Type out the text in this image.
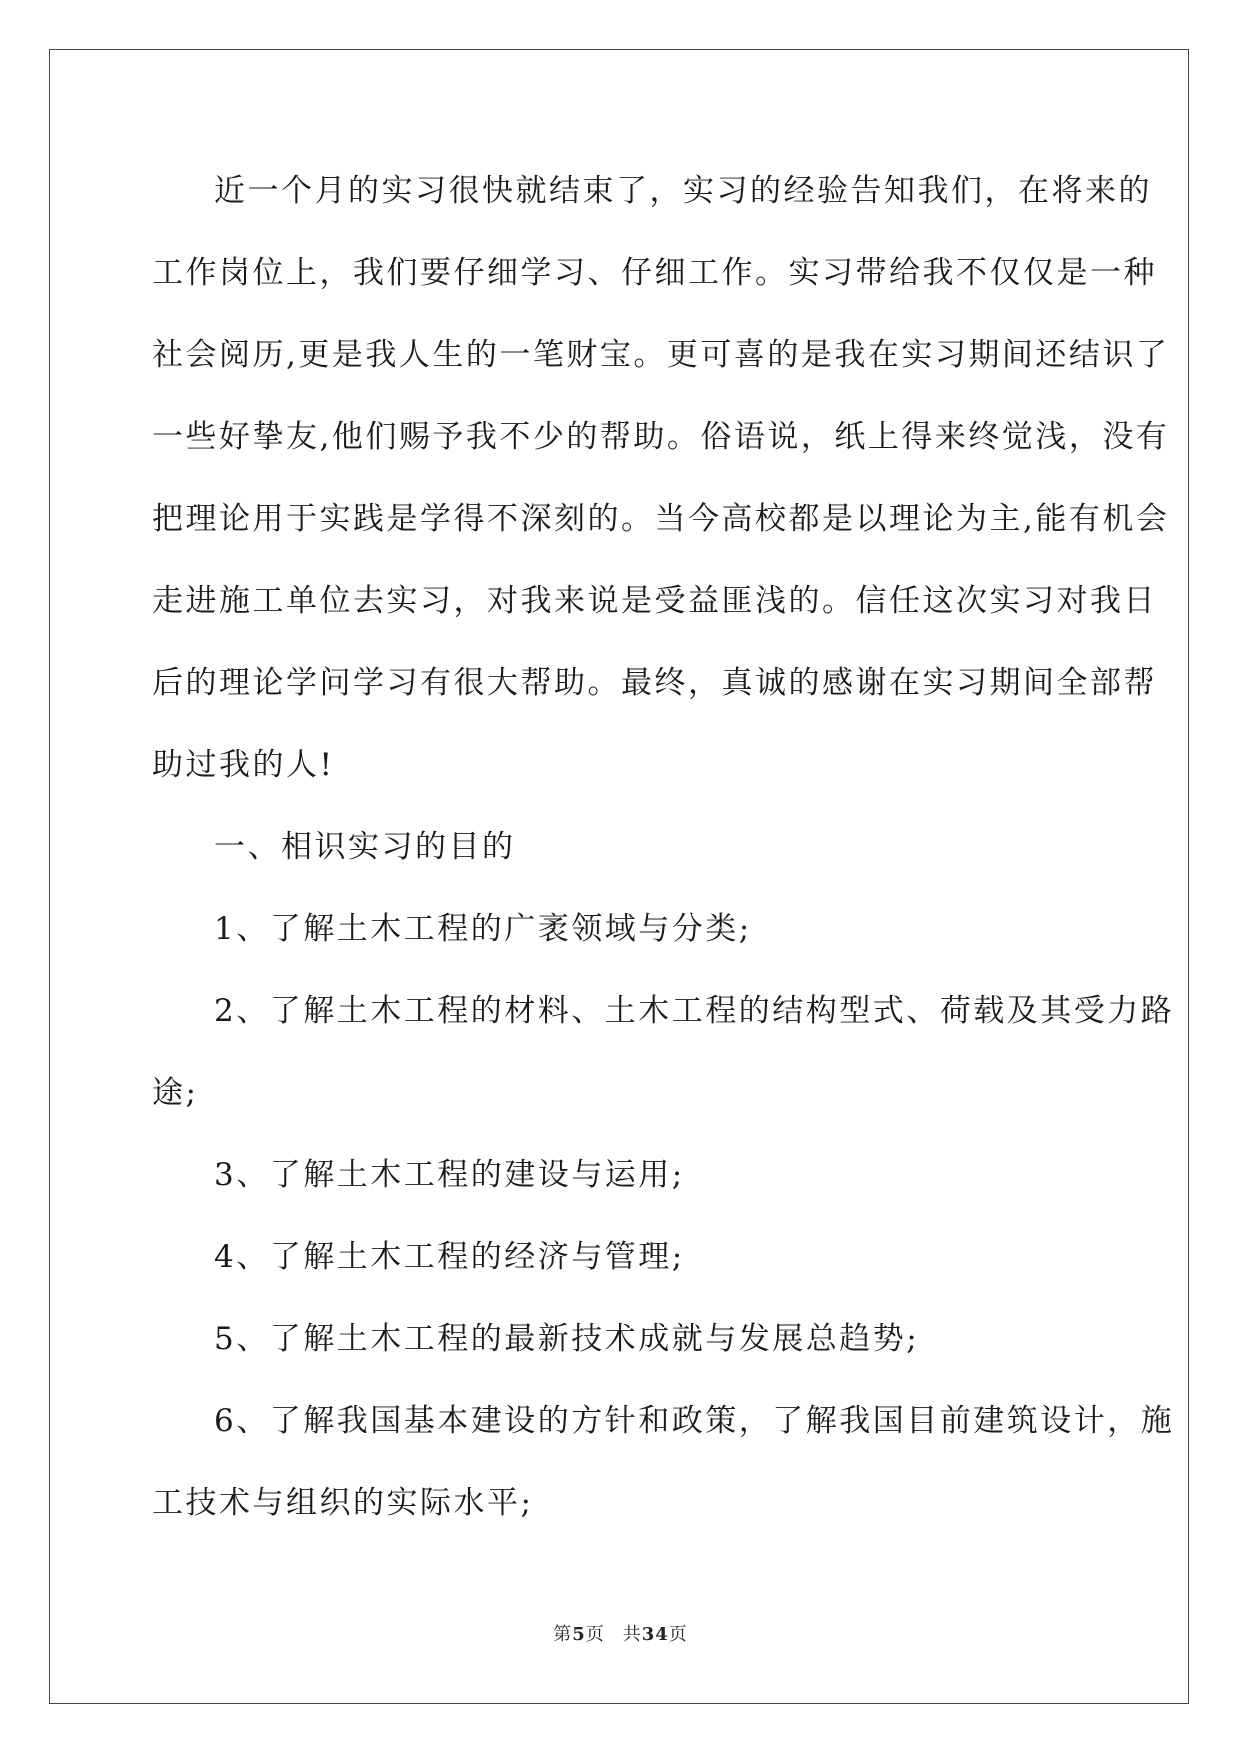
近一个月的实习很快就结束了，实习的经验告知我们，在将来的
工作岗位上，我们要仔细学习、仔细工作。实习带给我不仅仅是一种
社会阅历,更是我人生的一笔财宝。更可喜的是我在实习期间还结识了
一些好挚友,他们赐予我不少的帮助。俗语说，纸上得来终觉浅，没有
把理论用于实践是学得不深刻的。当今高校都是以理论为主,能有机会
走进施工单位去实习，对我来说是受益匪浅的。信任这次实习对我日
后的理论学问学习有很大帮助。最终，真诚的感谢在实习期间全部帮
助过我的人!
一、相识实习的目的
1、了解土木工程的广袤领域与分类;
2、了解土木工程的材料、土木工程的结构型式、荷载及其受力路
途;
3、了解土木工程的建设与运用;
4、了解土木工程的经济与管理;
5、了解土木工程的最新技术成就与发展总趋势;
6、了解我国基本建设的方针和政策，了解我国目前建筑设计，施
工技术与组织的实际水平;
第5页 共34页
